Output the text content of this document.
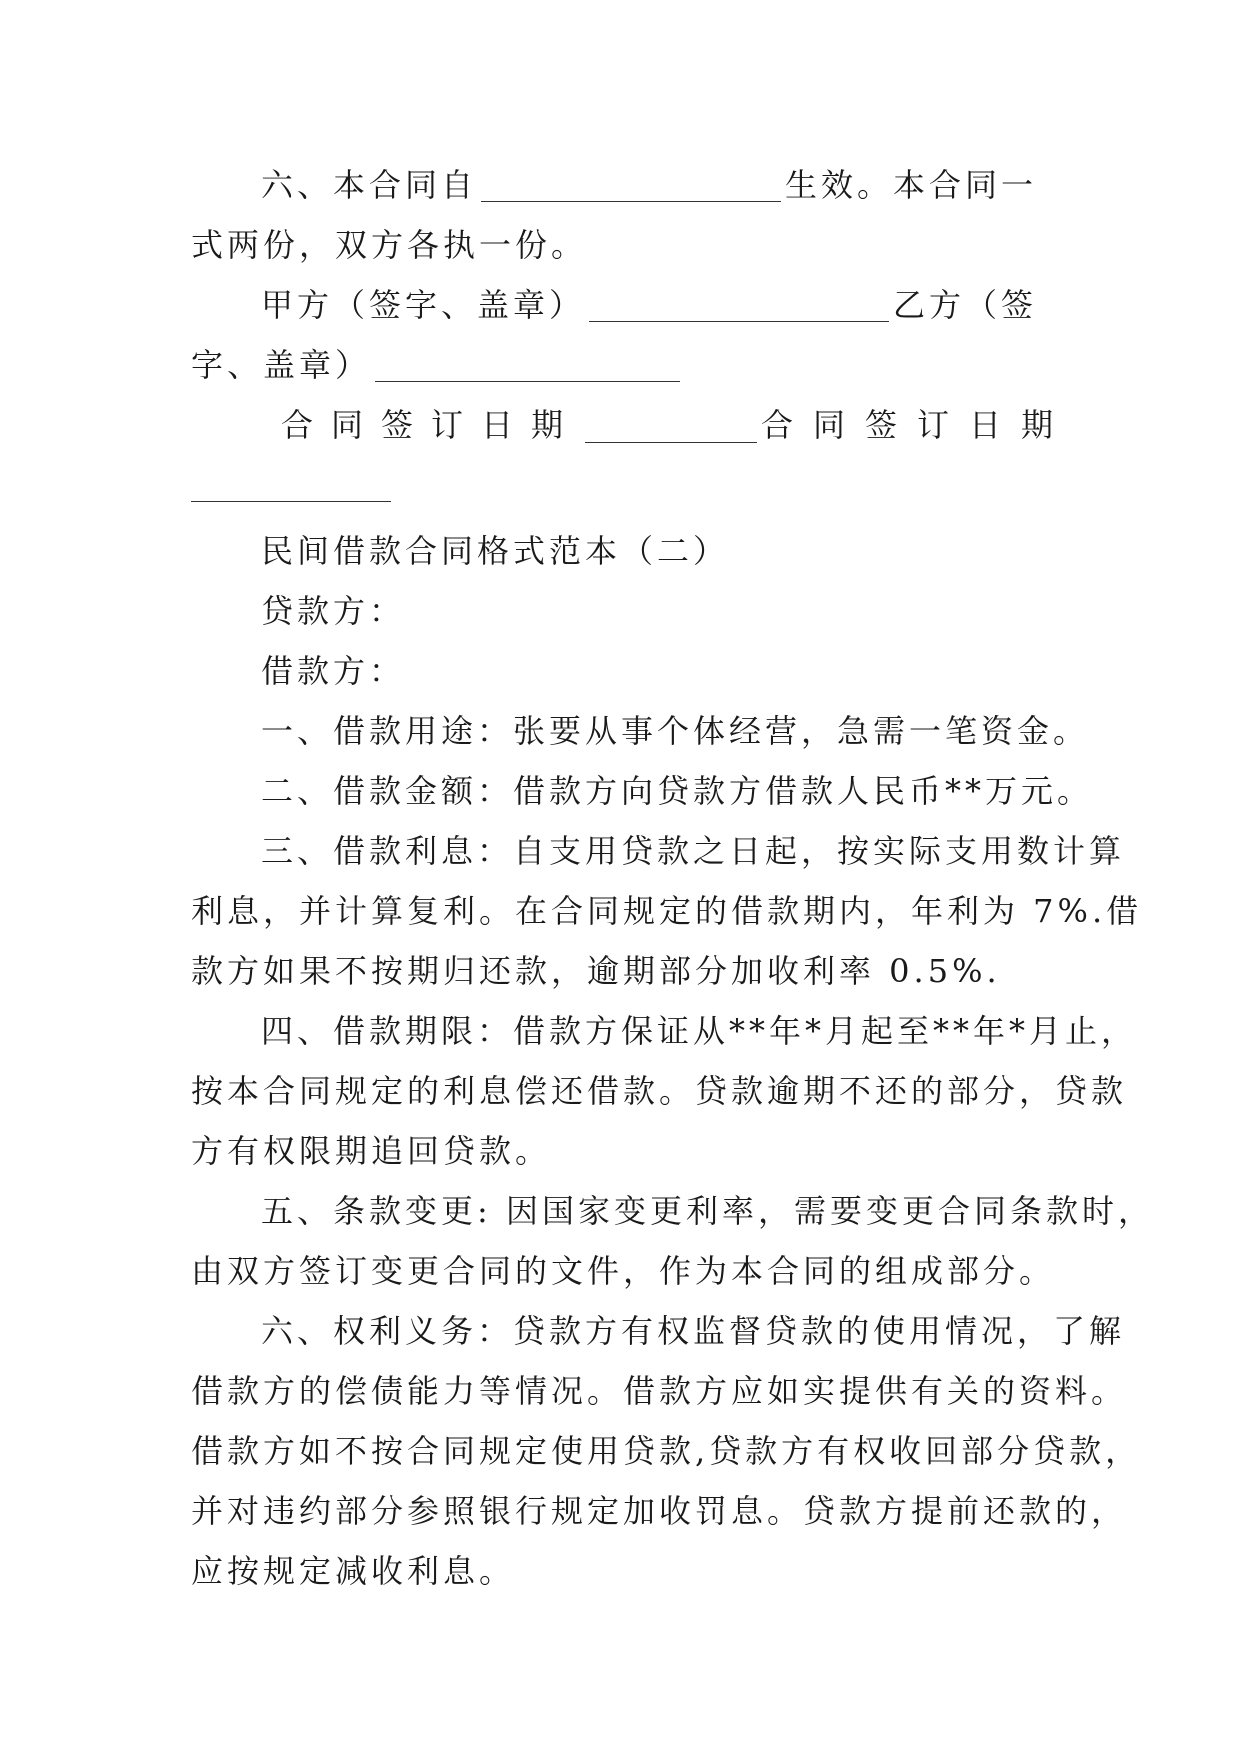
六、本合同自	生效。本合同一
式两份，双方各执一份。
甲方（签字、盖章）	乙方（签
字、盖章）
合同签订日期	合同签订日期
民间借款合同格式范本（二）
贷款方：
借款方：
一、借款用途：张要从事个体经营，急需一笔资金。
二、借款金额：借款方向贷款方借款人民币**万元。
三、借款利息：自支用贷款之日起，按实际支用数计算
利息，并计算复利。在合同规定的借款期内，年利为 7%.借
款方如果不按期归还款，逾期部分加收利率 0.5%.
四、借款期限：借款方保证从**年*月起至**年*月止，
按本合同规定的利息偿还借款。贷款逾期不还的部分，贷款
方有权限期追回贷款。
五、条款变更: 因国家变更利率，需要变更合同条款时，
由双方签订变更合同的文件，作为本合同的组成部分。
六、权利义务：贷款方有权监督贷款的使用情况，了解
借款方的偿债能力等情况。借款方应如实提供有关的资料。
借款方如不按合同规定使用贷款,贷款方有权收回部分贷款，
并对违约部分参照银行规定加收罚息。贷款方提前还款的，
应按规定减收利息。
